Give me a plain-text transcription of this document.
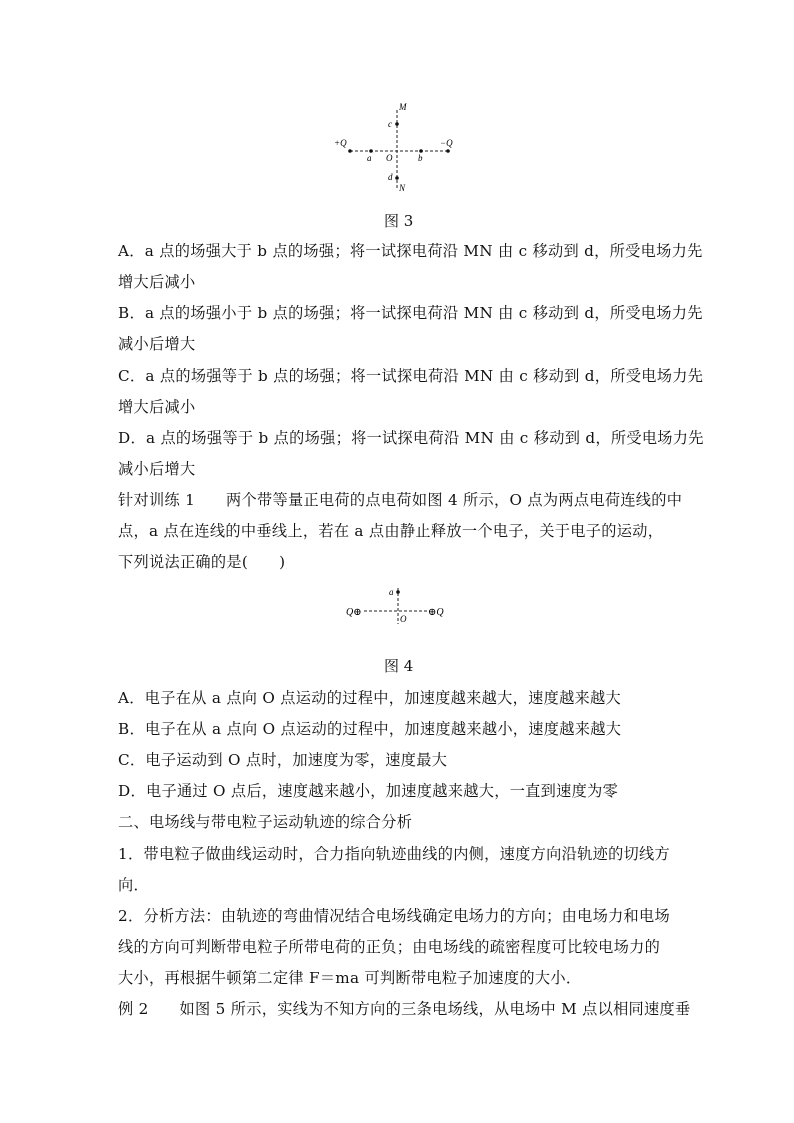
M
c
+Q
a O	b
−Q
d
N
图 3
A．a 点的场强大于 b 点的场强；将一试探电荷沿 MN 由 c 移动到 d，所受电场力先
增大后减小
B．a 点的场强小于 b 点的场强；将一试探电荷沿 MN 由 c 移动到 d，所受电场力先
减小后增大
C．a 点的场强等于 b 点的场强；将一试探电荷沿 MN 由 c 移动到 d，所受电场力先
增大后减小
D．a 点的场强等于 b 点的场强；将一试探电荷沿 MN 由 c 移动到 d，所受电场力先
减小后增大
针对训练 1　　两个带等量正电荷的点电荷如图 4 所示，O 点为两点电荷连线的中
点，a 点在连线的中垂线上，若在 a 点由静止释放一个电子，关于电子的运动，
下列说法正确的是(　　)
a
O
Q⊕	⊕Q
图 4
A．电子在从 a 点向 O 点运动的过程中，加速度越来越大，速度越来越大
B．电子在从 a 点向 O 点运动的过程中，加速度越来越小，速度越来越大
C．电子运动到 O 点时，加速度为零，速度最大
D．电子通过 O 点后，速度越来越小，加速度越来越大，一直到速度为零
二、电场线与带电粒子运动轨迹的综合分析
1．带电粒子做曲线运动时，合力指向轨迹曲线的内侧，速度方向沿轨迹的切线方
向．
2．分析方法：由轨迹的弯曲情况结合电场线确定电场力的方向；由电场力和电场
线的方向可判断带电粒子所带电荷的正负；由电场线的疏密程度可比较电场力的
大小，再根据牛顿第二定律 F＝ma 可判断带电粒子加速度的大小．
例 2　　如图 5 所示，实线为不知方向的三条电场线，从电场中 M 点以相同速度垂
